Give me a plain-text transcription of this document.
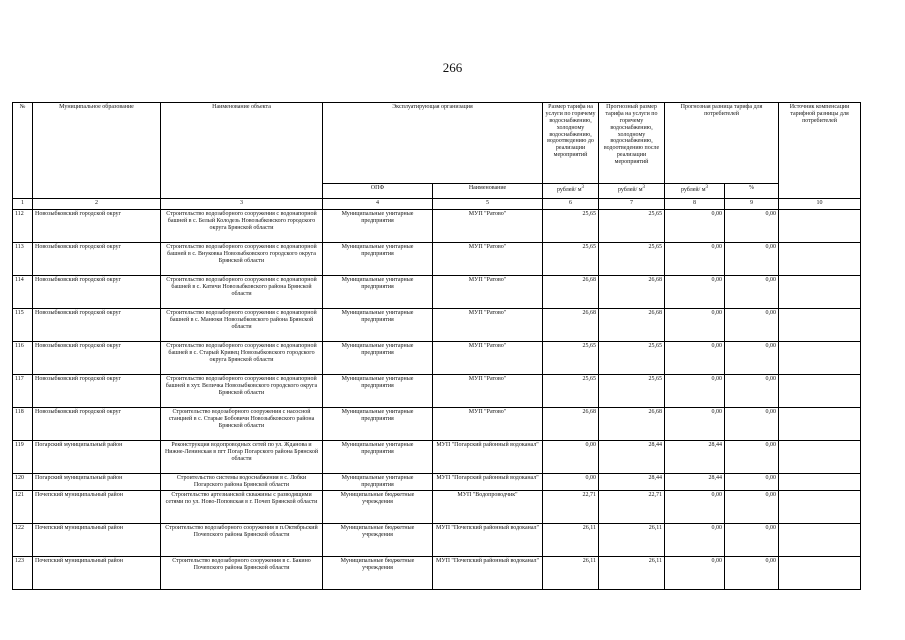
266
№	Муниципальное образование	Наименование объекта	Эксплуатирующая организация		Размер тарифа на услуги по горячему водоснабжению, холодному водоснабжению, водоотведению до реализации мероприятий	Прогнозный размер тарифа на услуги по горячему водоснабжению, холодному водоснабжению, водоотведению после реализации мероприятий	Прогнозная разница тарифа для потребителей		Источник компенсации тарифной разницы для потребителей
			ОПФ	Наименование	рублей/ $м^3$	рублей/ $м^3$	рублей/ $м^3$	%	
1	2	3	4	5	6	7	8	9	10
112	Новозыбковский городской округ	Строительство водозаборного сооружения с водонапорной башней в с. Белый Колодезь Новозыбковского городского округа Брянской области	Муниципальные унитарные предприятия	МУП "Ратово"	25,65	25,65	0,00	0,00	
113	Новозыбковский городской округ	Строительство водозаборного сооружения с водонапорной башней в с. Внуковка Новозыбковского городского округа Брянской области	Муниципальные унитарные предприятия	МУП "Ратово"	25,65	25,65	0,00	0,00	
114	Новозыбковский городской округ	Строительство водозаборного сооружения с водонапорной башней в с. Катичи Новозыбковского района Брянской области	Муниципальные унитарные предприятия	МУП "Ратово"	26,68	26,68	0,00	0,00	
115	Новозыбковский городской округ	Строительство водозаборного сооружения с водонапорной башней в с. Манюки Новозыбковского района Брянской области	Муниципальные унитарные предприятия	МУП "Ратово"	26,68	26,68	0,00	0,00	
116	Новозыбковский городской округ	Строительство водозаборного сооружения с водонапорной башней в с. Старый Кривец Новозыбковского городского округа Брянской области	Муниципальные унитарные предприятия	МУП "Ратово"	25,65	25,65	0,00	0,00	
117	Новозыбковский городской округ	Строительство водозаборного сооружения с водонапорной башней в хут. Величка Новозыбковского городского округа Брянской области	Муниципальные унитарные предприятия	МУП "Ратово"	25,65	25,65	0,00	0,00	
118	Новозыбковский городской округ	Строительство водозаборного сооружения с насосной станцией в с. Старые Бобовичи Новозыбковского района Брянской области	Муниципальные унитарные предприятия	МУП "Ратово"	26,68	26,68	0,00	0,00	
119	Погарский муниципальный район	Реконструкция водопроводных сетей по ул. Жданова и Нижне-Ленинская в пгт Погар Погарского района Брянской области	Муниципальные унитарные предприятия	МУП "Погарский районный водоканал"	0,00	28,44	28,44	0,00	
120	Погарский муниципальный район	Строительство системы водоснабжения в с. Лобки Погарского района Брянской области	Муниципальные унитарные предприятия	МУП "Погарский районный водоканал"	0,00	28,44	28,44	0,00	
121	Почепский муниципальный район	Строительство артезианской скважины с разводящими сетями по ул. Ново-Поповская в г. Почеп Брянской области	Муниципальные бюджетные учреждения	МУП "Водопроводчик"	22,71	22,71	0,00	0,00	
122	Почепский муниципальный район	Строительство водозаборного сооружения в п.Октябрьский Почепского района Брянской области	Муниципальные бюджетные учреждения	МУП "Почепский районный водоканал"	26,11	26,11	0,00	0,00	
123	Почепский муниципальный район	Строительство водозаборного сооружения в с. Бакино Почепского района Брянской области	Муниципальные бюджетные учреждения	МУП "Почепский районный водоканал"	26,11	26,11	0,00	0,00	
